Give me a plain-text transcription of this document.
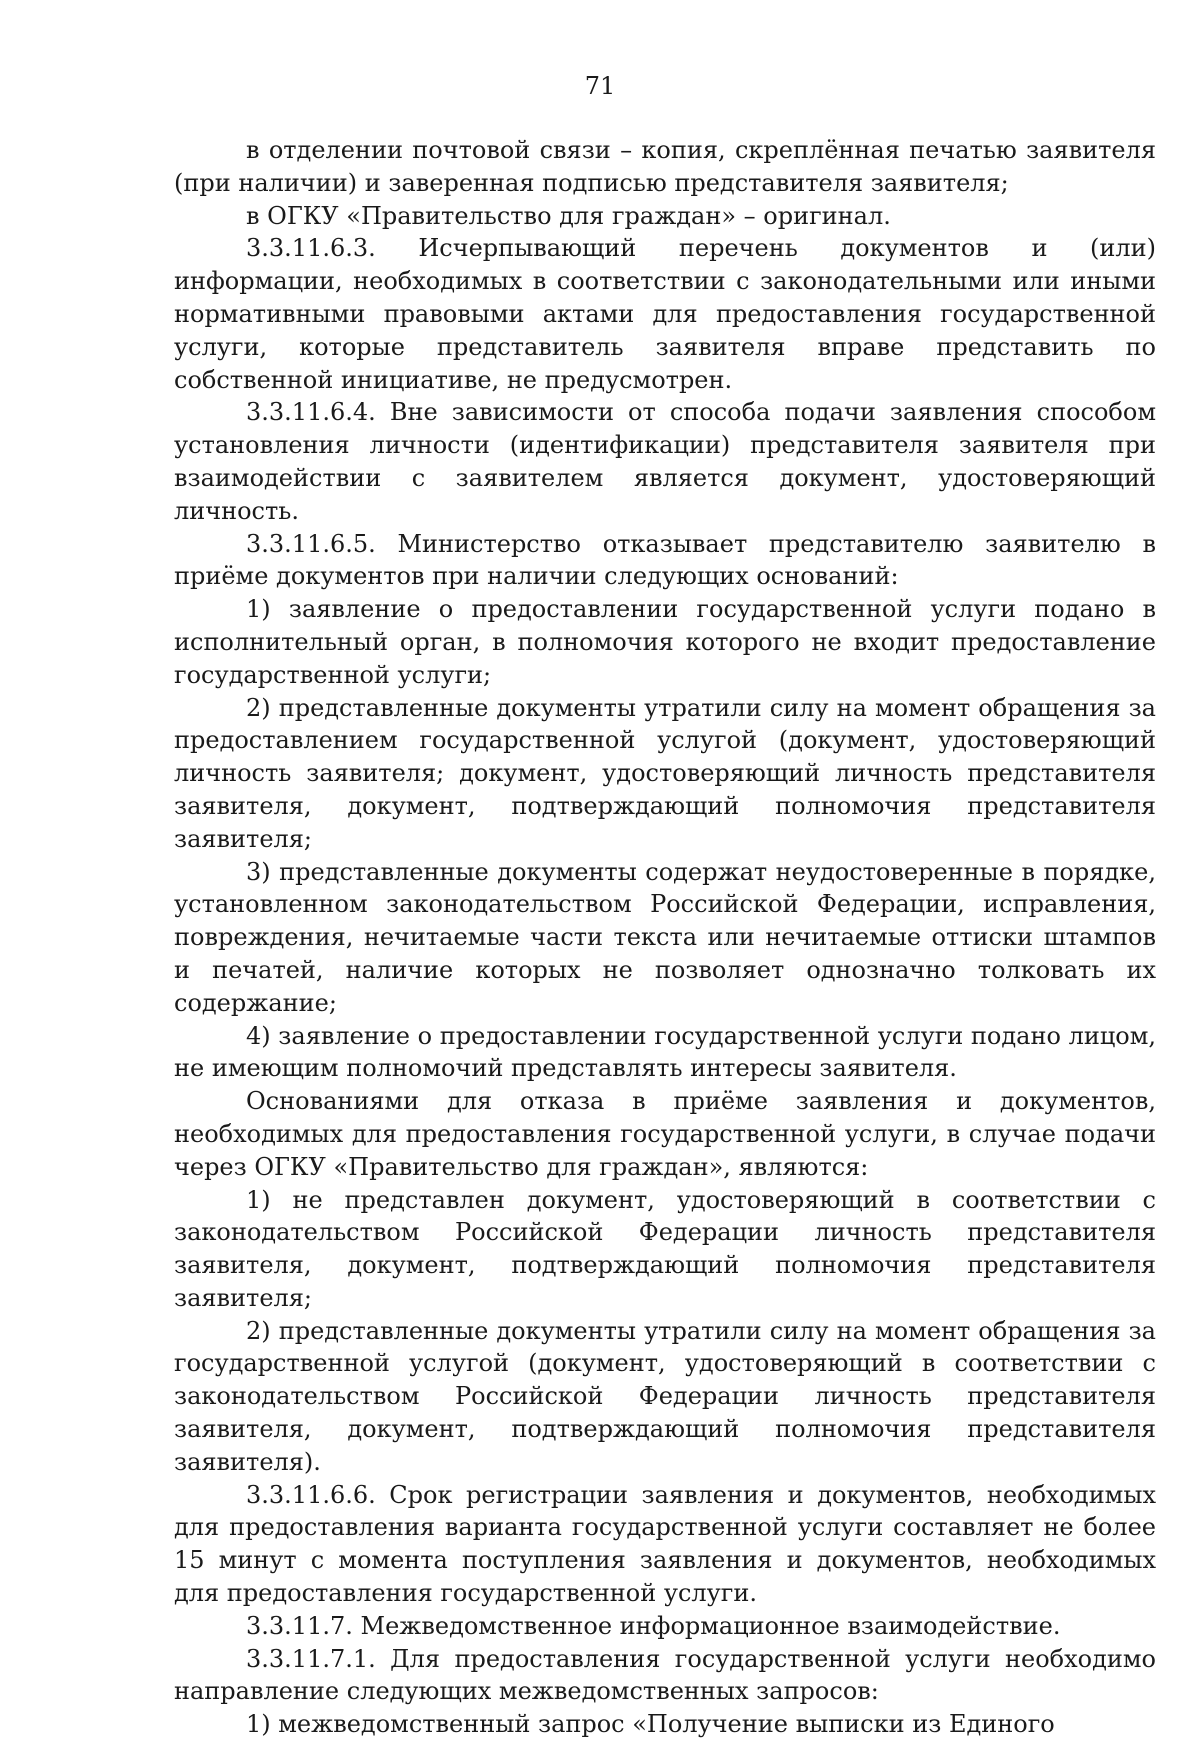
71

в отделении почтовой связи – копия, скреплённая печатью заявителя (при наличии) и заверенная подписью представителя заявителя;

в ОГКУ «Правительство для граждан» – оригинал.

3.3.11.6.3. Исчерпывающий перечень документов и (или) информации, необходимых в соответствии с законодательными или иными нормативными правовыми актами для предоставления государственной услуги, которые представитель заявителя вправе представить по собственной инициативе, не предусмотрен.

3.3.11.6.4. Вне зависимости от способа подачи заявления способом установления личности (идентификации) представителя заявителя при взаимодействии с заявителем является документ, удостоверяющий личность.

3.3.11.6.5. Министерство отказывает представителю заявителю в приёме документов при наличии следующих оснований:

1) заявление о предоставлении государственной услуги подано в исполнительный орган, в полномочия которого не входит предоставление государственной услуги;

2) представленные документы утратили силу на момент обращения за предоставлением государственной услугой (документ, удостоверяющий личность заявителя; документ, удостоверяющий личность представителя заявителя, документ, подтверждающий полномочия представителя заявителя;

3) представленные документы содержат неудостоверенные в порядке, установленном законодательством Российской Федерации, исправления, повреждения, нечитаемые части текста или нечитаемые оттиски штампов и печатей, наличие которых не позволяет однозначно толковать их содержание;

4) заявление о предоставлении государственной услуги подано лицом, не имеющим полномочий представлять интересы заявителя.

Основаниями для отказа в приёме заявления и документов, необходимых для предоставления государственной услуги, в случае подачи через ОГКУ «Правительство для граждан», являются:

1) не представлен документ, удостоверяющий в соответствии с законодательством Российской Федерации личность представителя заявителя, документ, подтверждающий полномочия представителя заявителя;

2) представленные документы утратили силу на момент обращения за государственной услугой (документ, удостоверяющий в соответствии с законодательством Российской Федерации личность представителя заявителя, документ, подтверждающий полномочия представителя заявителя).

3.3.11.6.6. Срок регистрации заявления и документов, необходимых для предоставления варианта государственной услуги составляет не более 15 минут с момента поступления заявления и документов, необходимых для предоставления государственной услуги.

3.3.11.7. Межведомственное информационное взаимодействие.

3.3.11.7.1. Для предоставления государственной услуги необходимо направление следующих межведомственных запросов:

1) межведомственный запрос «Получение выписки из Единого
